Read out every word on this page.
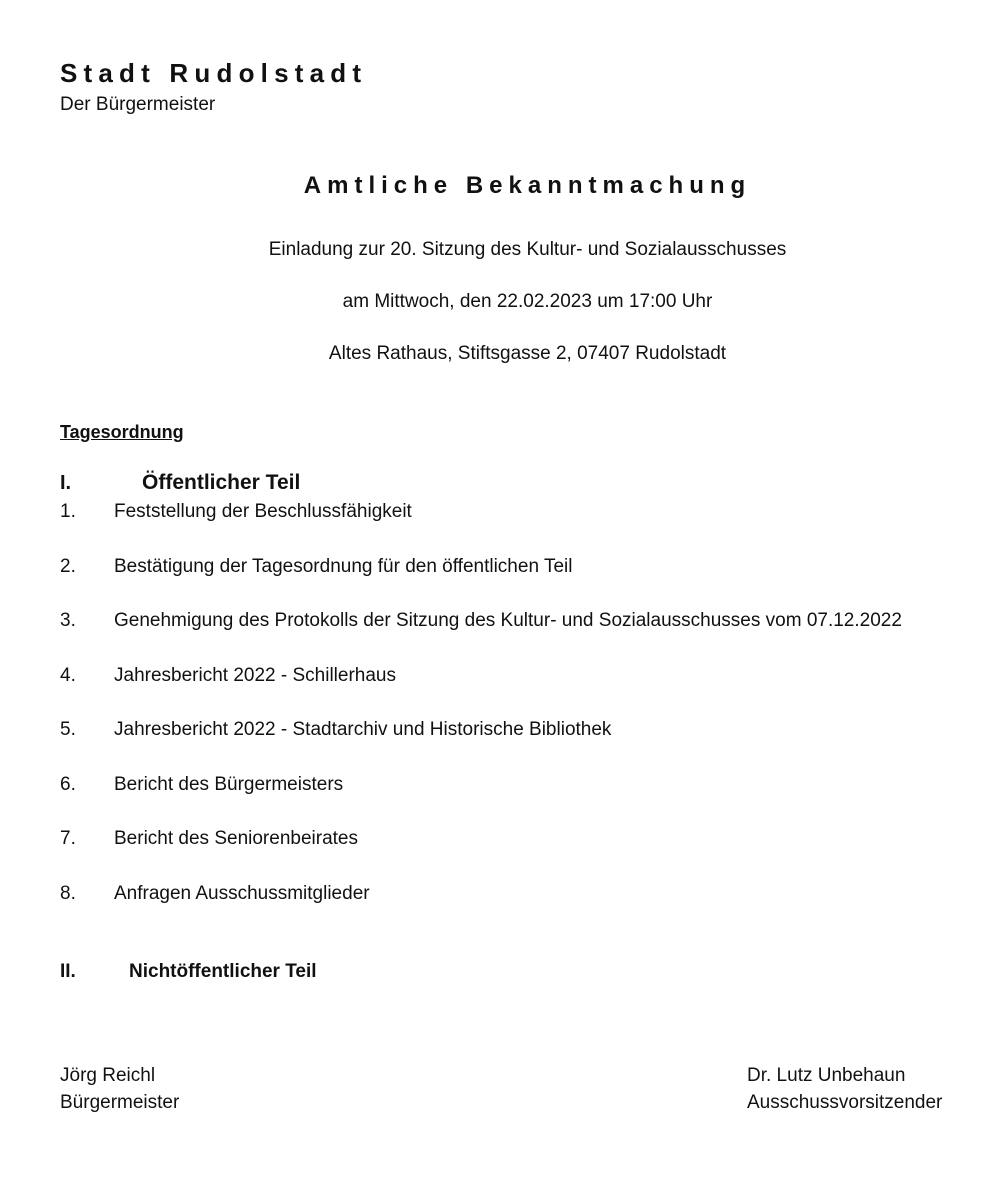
Stadt Rudolstadt
Der Bürgermeister
Amtliche Bekanntmachung
Einladung zur 20. Sitzung des Kultur- und Sozialausschusses
am Mittwoch, den 22.02.2023 um 17:00 Uhr
Altes Rathaus, Stiftsgasse 2, 07407 Rudolstadt
Tagesordnung
I.	Öffentlicher Teil
1. Feststellung der Beschlussfähigkeit
2. Bestätigung der Tagesordnung für den öffentlichen Teil
3. Genehmigung des Protokolls der Sitzung des Kultur- und Sozialausschusses vom 07.12.2022
4. Jahresbericht 2022 - Schillerhaus
5. Jahresbericht 2022 - Stadtarchiv und Historische Bibliothek
6. Bericht des Bürgermeisters
7. Bericht des Seniorenbeirates
8. Anfragen Ausschussmitglieder
II.	Nichtöffentlicher Teil
Jörg Reichl
Bürgermeister
Dr. Lutz Unbehaun
Ausschussvorsitzender
